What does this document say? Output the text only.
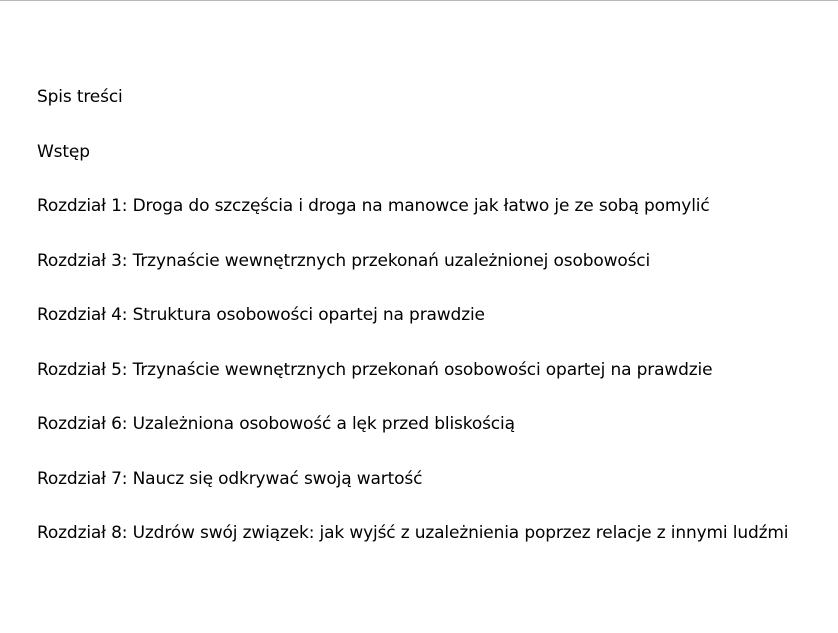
Spis treści
Wstęp
Rozdział 1: Droga do szczęścia i droga na manowce jak łatwo je ze sobą pomylić
Rozdział 3: Trzynaście wewnętrznych przekonań uzależnionej osobowości
Rozdział 4: Struktura osobowości opartej na prawdzie
Rozdział 5: Trzynaście wewnętrznych przekonań osobowości opartej na prawdzie
Rozdział 6: Uzależniona osobowość a lęk przed bliskością
Rozdział 7: Naucz się odkrywać swoją wartość
Rozdział 8: Uzdrów swój związek: jak wyjść z uzależnienia poprzez relacje z innymi ludźmi
